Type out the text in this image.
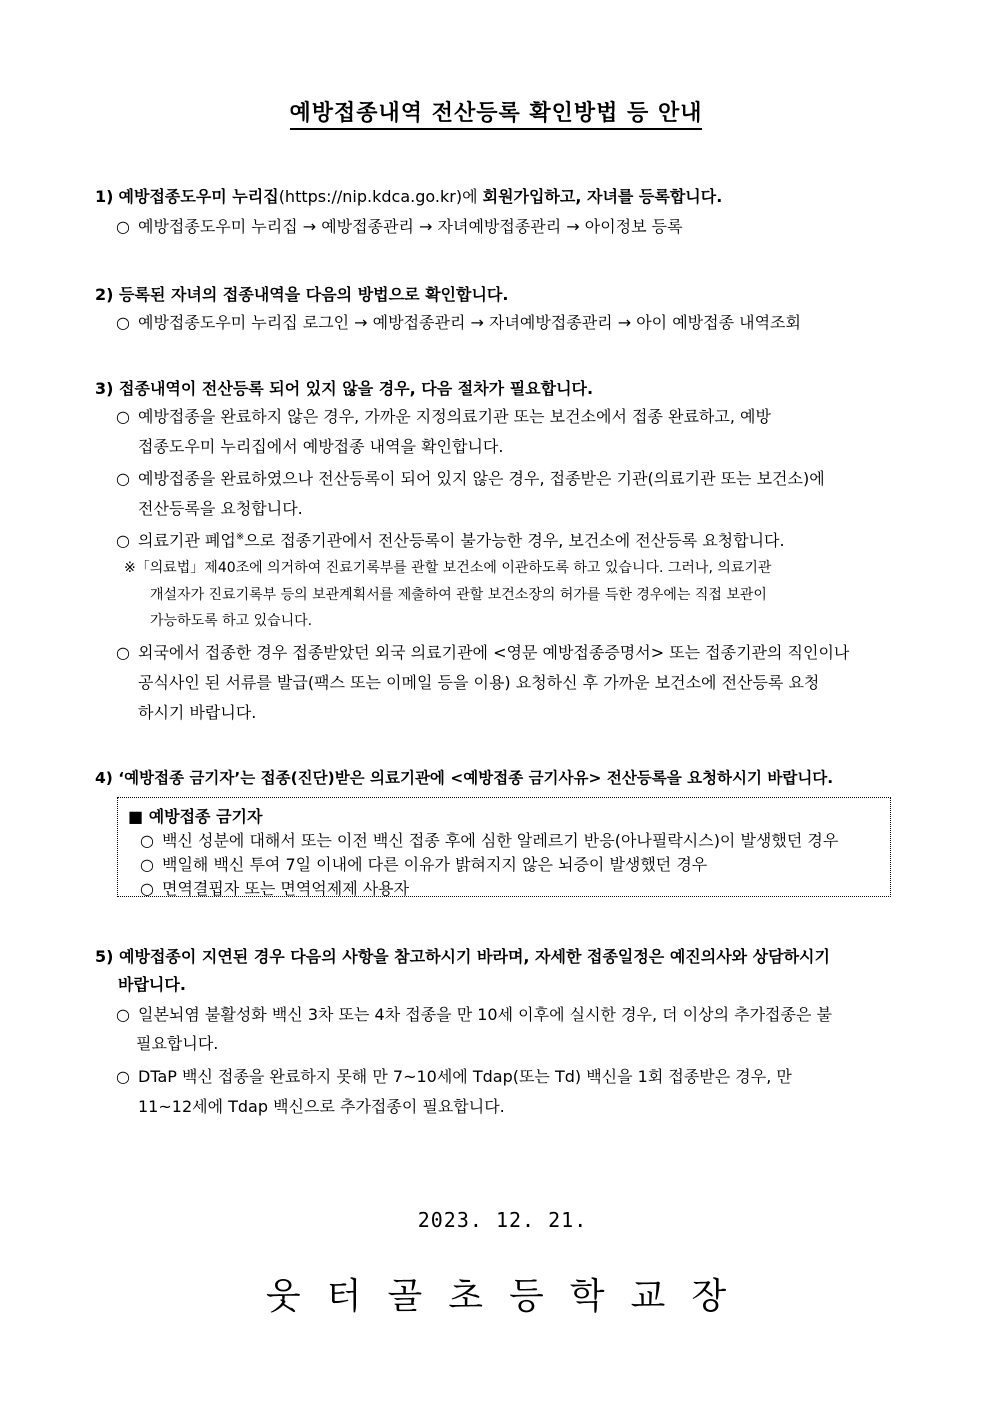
예방접종내역 전산등록 확인방법 등 안내
1) 예방접종도우미 누리집(https://nip.kdca.go.kr)에 회원가입하고, 자녀를 등록합니다.
○ 예방접종도우미 누리집 → 예방접종관리 → 자녀예방접종관리 → 아이정보 등록
2) 등록된 자녀의 접종내역을 다음의 방법으로 확인합니다.
○ 예방접종도우미 누리집 로그인 → 예방접종관리 → 자녀예방접종관리 → 아이 예방접종 내역조회
3) 접종내역이 전산등록 되어 있지 않을 경우, 다음 절차가 필요합니다.
○ 예방접종을 완료하지 않은 경우, 가까운 지정의료기관 또는 보건소에서 접종 완료하고, 예방
접종도우미 누리집에서 예방접종 내역을 확인합니다.
○ 예방접종을 완료하였으나 전산등록이 되어 있지 않은 경우, 접종받은 기관(의료기관 또는 보건소)에
전산등록을 요청합니다.
○ 의료기관 폐업※으로 접종기관에서 전산등록이 불가능한 경우, 보건소에 전산등록 요청합니다.
※「의료법」제40조에 의거하여 진료기록부를 관할 보건소에 이관하도록 하고 있습니다. 그러나, 의료기관
개설자가 진료기록부 등의 보관계획서를 제출하여 관할 보건소장의 허가를 득한 경우에는 직접 보관이
가능하도록 하고 있습니다.
○ 외국에서 접종한 경우 접종받았던 외국 의료기관에 <영문 예방접종증명서> 또는 접종기관의 직인이나
공식사인 된 서류를 발급(팩스 또는 이메일 등을 이용) 요청하신 후 가까운 보건소에 전산등록 요청
하시기 바랍니다.
4) ‘예방접종 금기자’는 접종(진단)받은 의료기관에 <예방접종 금기사유> 전산등록을 요청하시기 바랍니다.
■ 예방접종 금기자
○ 백신 성분에 대해서 또는 이전 백신 접종 후에 심한 알레르기 반응(아나필락시스)이 발생했던 경우
○ 백일해 백신 투여 7일 이내에 다른 이유가 밝혀지지 않은 뇌증이 발생했던 경우
○ 면역결핍자 또는 면역억제제 사용자
5) 예방접종이 지연된 경우 다음의 사항을 참고하시기 바라며, 자세한 접종일정은 예진의사와 상담하시기
바랍니다.
○ 일본뇌염 불활성화 백신 3차 또는 4차 접종을 만 10세 이후에 실시한 경우, 더 이상의 추가접종은 불
필요합니다.
○ DTaP 백신 접종을 완료하지 못해 만 7~10세에 Tdap(또는 Td) 백신을 1회 접종받은 경우, 만
11~12세에 Tdap 백신으로 추가접종이 필요합니다.
2023. 12. 21.
웃터골초등학교장
